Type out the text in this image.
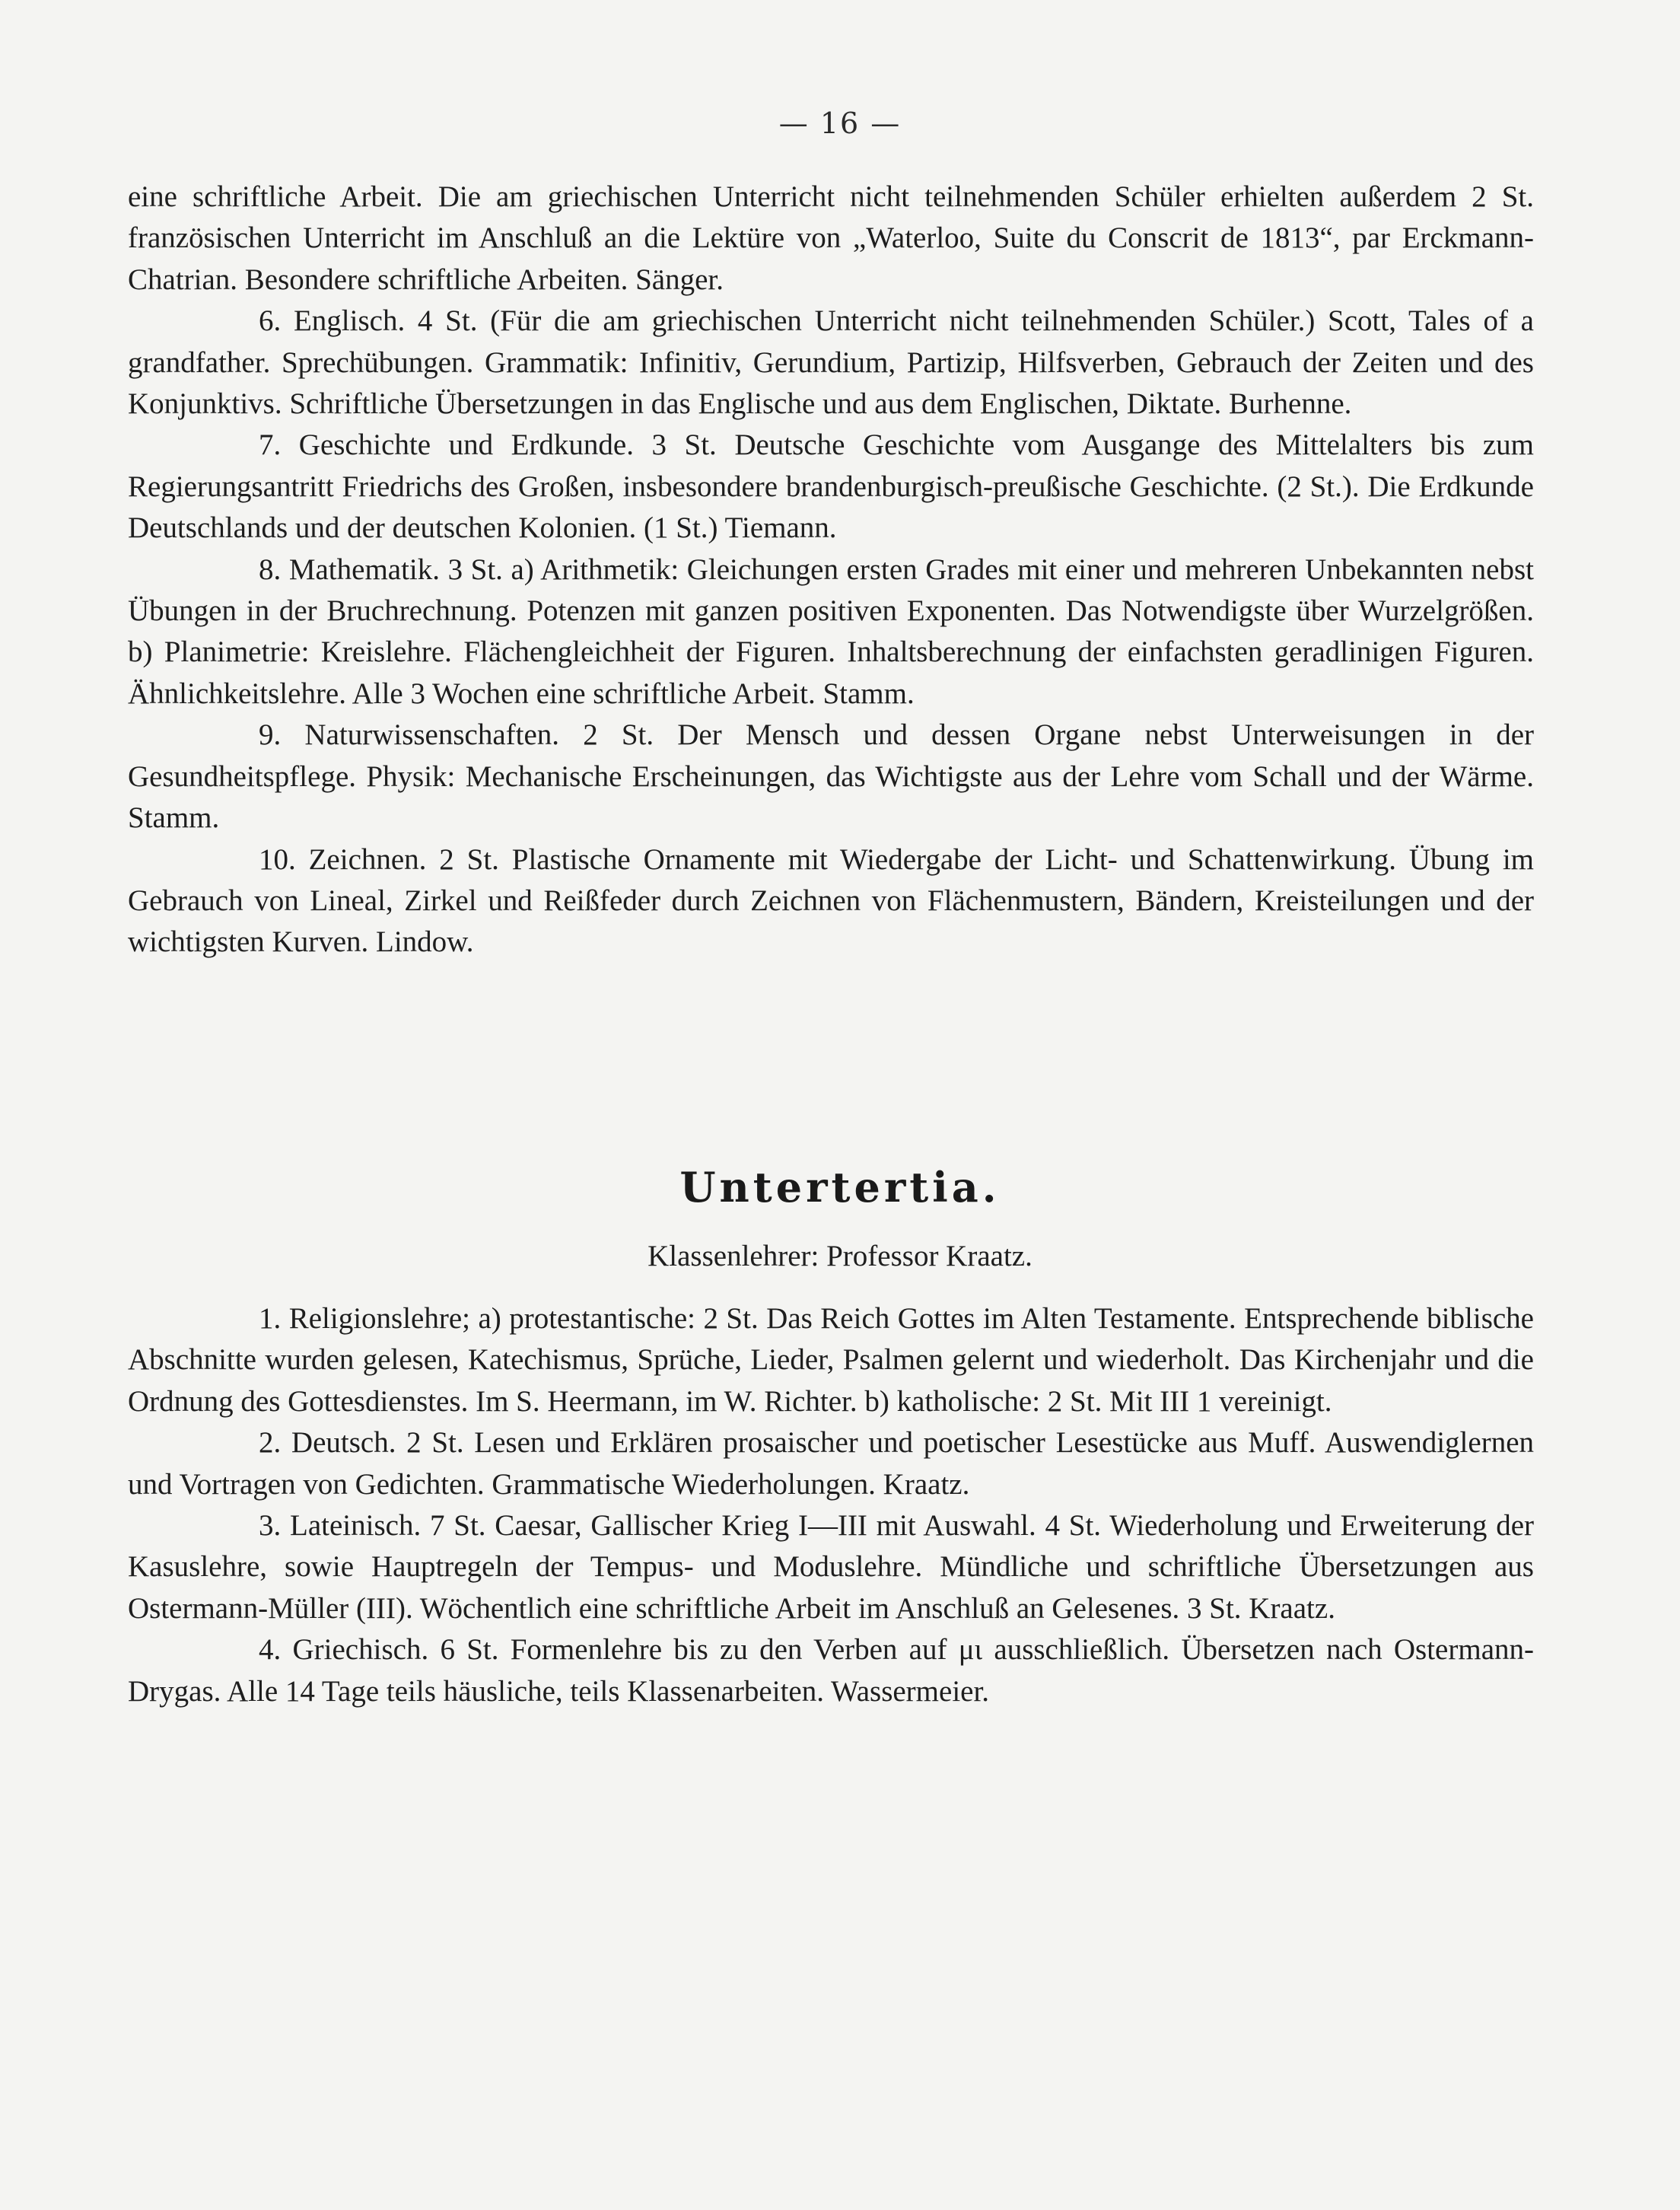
— 16 —

eine schriftliche Arbeit. Die am griechischen Unterricht nicht teilnehmenden Schüler erhielten außerdem 2 St. französischen Unterricht im Anschluß an die Lektüre von „Waterloo, Suite du Conscrit de 1813“, par Erckmann-Chatrian. Besondere schriftliche Arbeiten. Sänger.

6. Englisch. 4 St. (Für die am griechischen Unterricht nicht teilnehmenden Schüler.) Scott, Tales of a grandfather. Sprechübungen. Grammatik: Infinitiv, Gerundium, Partizip, Hilfsverben, Gebrauch der Zeiten und des Konjunktivs. Schriftliche Übersetzungen in das Englische und aus dem Englischen, Diktate. Burhenne.

7. Geschichte und Erdkunde. 3 St. Deutsche Geschichte vom Ausgange des Mittelalters bis zum Regierungsantritt Friedrichs des Großen, insbesondere brandenburgisch-preußische Geschichte. (2 St.). Die Erdkunde Deutschlands und der deutschen Kolonien. (1 St.) Tiemann.

8. Mathematik. 3 St. a) Arithmetik: Gleichungen ersten Grades mit einer und mehreren Unbekannten nebst Übungen in der Bruchrechnung. Potenzen mit ganzen positiven Exponenten. Das Notwendigste über Wurzelgrößen. b) Planimetrie: Kreislehre. Flächengleichheit der Figuren. Inhaltsberechnung der einfachsten geradlinigen Figuren. Ähnlichkeitslehre. Alle 3 Wochen eine schriftliche Arbeit. Stamm.

9. Naturwissenschaften. 2 St. Der Mensch und dessen Organe nebst Unterweisungen in der Gesundheitspflege. Physik: Mechanische Erscheinungen, das Wichtigste aus der Lehre vom Schall und der Wärme. Stamm.

10. Zeichnen. 2 St. Plastische Ornamente mit Wiedergabe der Licht- und Schattenwirkung. Übung im Gebrauch von Lineal, Zirkel und Reißfeder durch Zeichnen von Flächenmustern, Bändern, Kreisteilungen und der wichtigsten Kurven. Lindow.

Untertertia.
Klassenlehrer: Professor Kraatz.

1. Religionslehre; a) protestantische: 2 St. Das Reich Gottes im Alten Testamente. Entsprechende biblische Abschnitte wurden gelesen, Katechismus, Sprüche, Lieder, Psalmen gelernt und wiederholt. Das Kirchenjahr und die Ordnung des Gottesdienstes. Im S. Heermann, im W. Richter. b) katholische: 2 St. Mit III 1 vereinigt.

2. Deutsch. 2 St. Lesen und Erklären prosaischer und poetischer Lesestücke aus Muff. Auswendiglernen und Vortragen von Gedichten. Grammatische Wiederholungen. Kraatz.

3. Lateinisch. 7 St. Caesar, Gallischer Krieg I—III mit Auswahl. 4 St. Wiederholung und Erweiterung der Kasuslehre, sowie Hauptregeln der Tempus- und Moduslehre. Mündliche und schriftliche Übersetzungen aus Ostermann-Müller (III). Wöchentlich eine schriftliche Arbeit im Anschluß an Gelesenes. 3 St. Kraatz.

4. Griechisch. 6 St. Formenlehre bis zu den Verben auf μι ausschließlich. Übersetzen nach Ostermann-Drygas. Alle 14 Tage teils häusliche, teils Klassenarbeiten. Wassermeier.
